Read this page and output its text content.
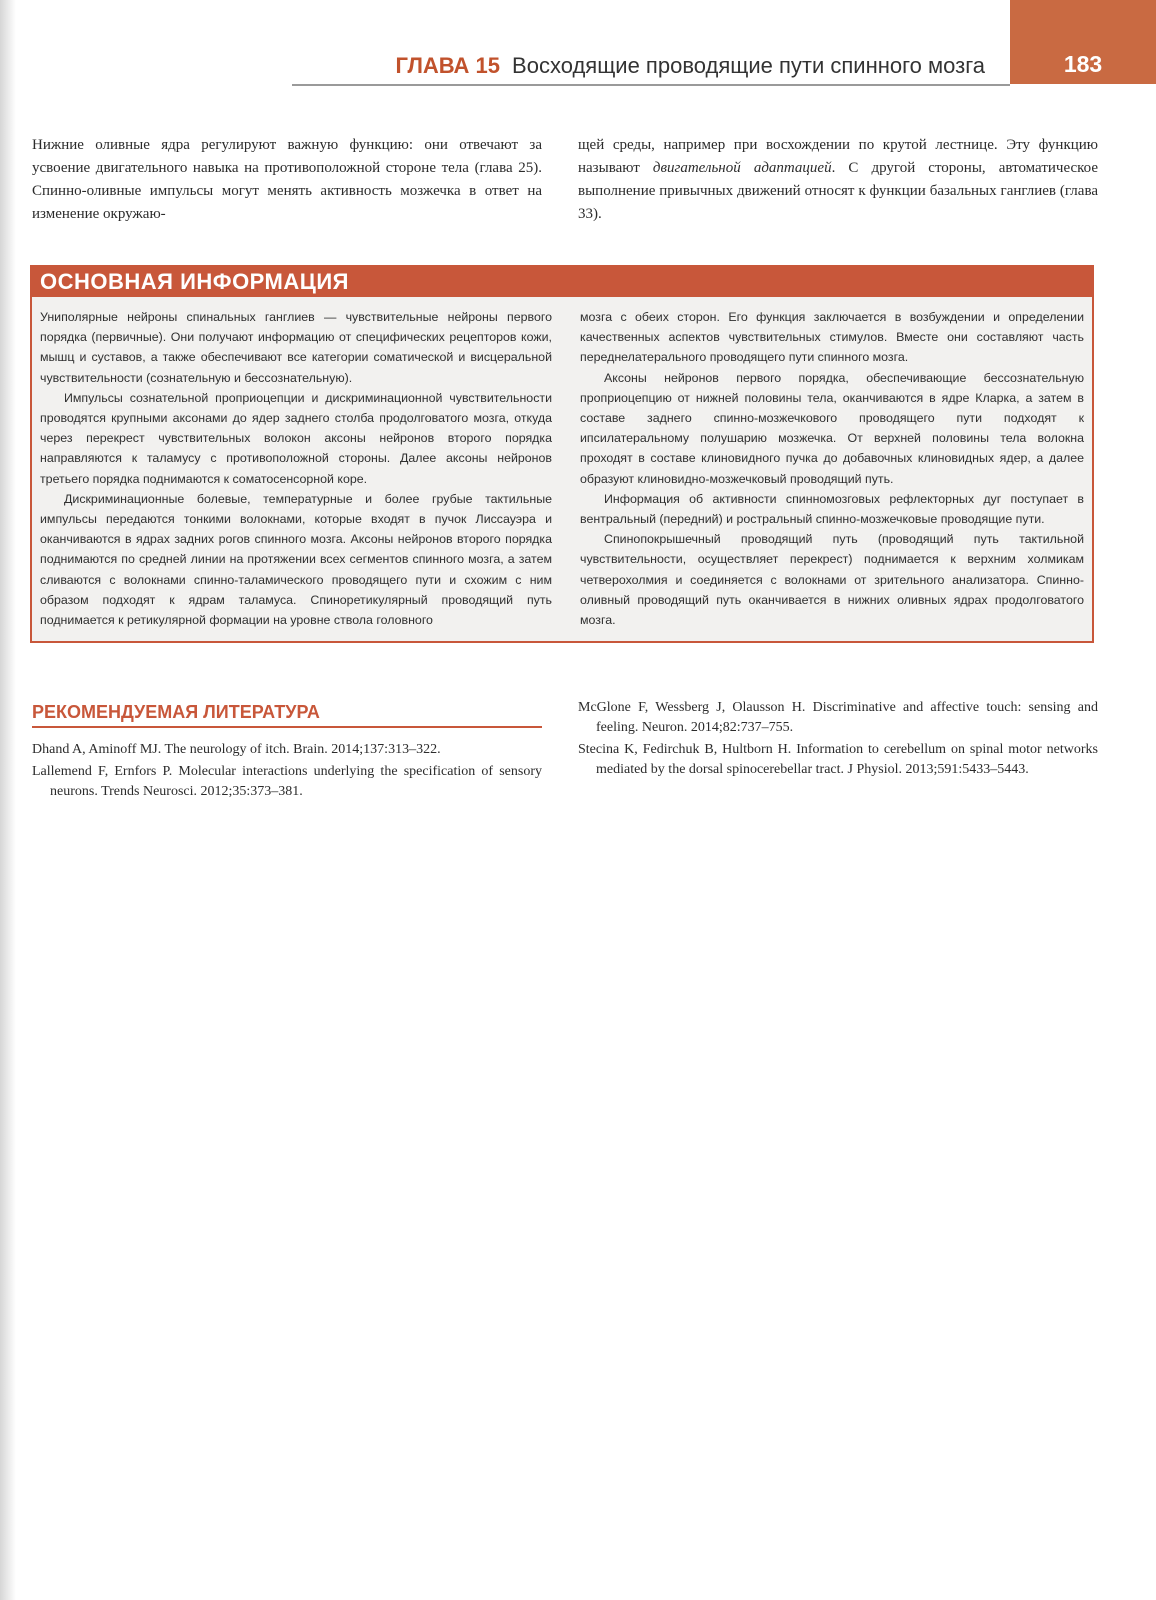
ГЛАВА 15 Восходящие проводящие пути спинного мозга	183

Нижние оливные ядра регулируют важную функцию: они отвечают за усвоение двигательного навыка на противоположной стороне тела (глава 25). Спинно-оливные импульсы могут менять активность мозжечка в ответ на изменение окружаю-

щей среды, например при восхождении по крутой лестнице. Эту функцию называют двигательной адаптацией. С другой стороны, автоматическое выполнение привычных движений относят к функции базальных ганглиев (глава 33).

ОСНОВНАЯ ИНФОРМАЦИЯ

Униполярные нейроны спинальных ганглиев — чувствительные нейроны первого порядка (первичные). Они получают информацию от специфических рецепторов кожи, мышц и суставов, а также обеспечивают все категории соматической и висцеральной чувствительности (сознательную и бессознательную).

Импульсы сознательной проприоцепции и дискриминационной чувствительности проводятся крупными аксонами до ядер заднего столба продолговатого мозга, откуда через перекрест чувствительных волокон аксоны нейронов второго порядка направляются к таламусу с противоположной стороны. Далее аксоны нейронов третьего порядка поднимаются к соматосенсорной коре.

Дискриминационные болевые, температурные и более грубые тактильные импульсы передаются тонкими волокнами, которые входят в пучок Лиссауэра и оканчиваются в ядрах задних рогов спинного мозга. Аксоны нейронов второго порядка поднимаются по средней линии на протяжении всех сегментов спинного мозга, а затем сливаются с волокнами спинно-таламического проводящего пути и схожим с ним образом подходят к ядрам таламуса. Спиноретикулярный проводящий путь поднимается к ретикулярной формации на уровне ствола головного

мозга с обеих сторон. Его функция заключается в возбуждении и определении качественных аспектов чувствительных стимулов. Вместе они составляют часть переднелатерального проводящего пути спинного мозга.

Аксоны нейронов первого порядка, обеспечивающие бессознательную проприоцепцию от нижней половины тела, оканчиваются в ядре Кларка, а затем в составе заднего спинно-мозжечкового проводящего пути подходят к ипсилатеральному полушарию мозжечка. От верхней половины тела волокна проходят в составе клиновидного пучка до добавочных клиновидных ядер, а далее образуют клиновидно-мозжечковый проводящий путь.

Информация об активности спинномозговых рефлекторных дуг поступает в вентральный (передний) и ростральный спинно-мозжечковые проводящие пути.

Спинопокрышечный проводящий путь (проводящий путь тактильной чувствительности, осуществляет перекрест) поднимается к верхним холмикам четверохолмия и соединяется с волокнами от зрительного анализатора. Спинно-оливный проводящий путь оканчивается в нижних оливных ядрах продолговатого мозга.

РЕКОМЕНДУЕМАЯ ЛИТЕРАТУРА

Dhand A, Aminoff MJ. The neurology of itch. Brain. 2014;137:313–322.

Lallemend F, Ernfors P. Molecular interactions underlying the specification of sensory neurons. Trends Neurosci. 2012;35:373–381.

McGlone F, Wessberg J, Olausson H. Discriminative and affective touch: sensing and feeling. Neuron. 2014;82:737–755.

Stecina K, Fedirchuk B, Hultborn H. Information to cerebellum on spinal motor networks mediated by the dorsal spinocerebellar tract. J Physiol. 2013;591:5433–5443.
